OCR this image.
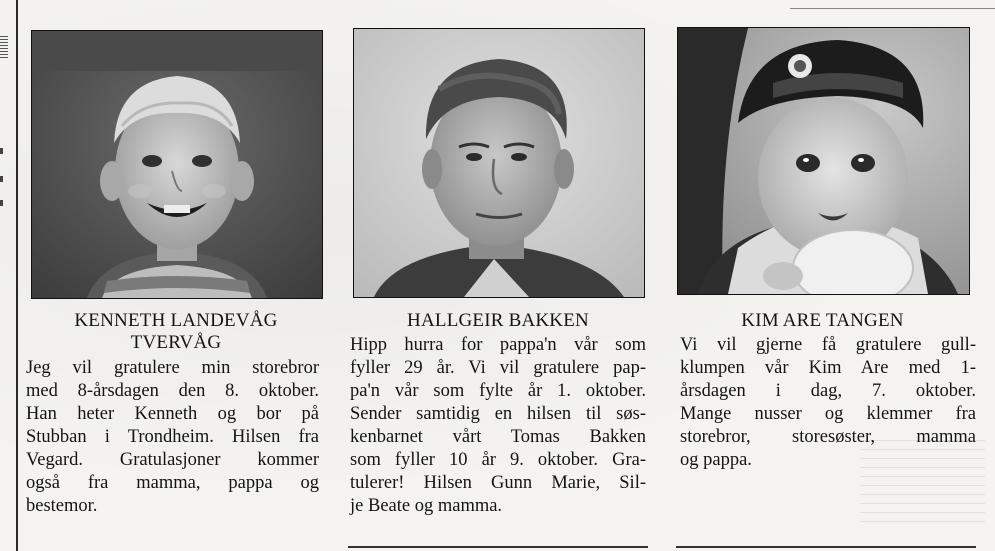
KENNETH LANDEVÅG
TVERVÅG
Jeg vil gratulere min storebror
med 8-årsdagen den 8. oktober.
Han heter Kenneth og bor på
Stubban i Trondheim. Hilsen fra
Vegard. Gratulasjoner kommer
også fra mamma, pappa og
bestemor.
HALLGEIR BAKKEN
Hipp hurra for pappa'n vår som
fyller 29 år. Vi vil gratulere pap-
pa'n vår som fylte år 1. oktober.
Sender samtidig en hilsen til søs-
kenbarnet vårt Tomas Bakken
som fyller 10 år 9. oktober. Gra-
tulerer! Hilsen Gunn Marie, Sil-
je Beate og mamma.
KIM ARE TANGEN
Vi vil gjerne få gratulere gull-
klumpen vår Kim Are med 1-
årsdagen i dag, 7. oktober.
Mange nusser og klemmer fra
storebror, storesøster, mamma
og pappa.
